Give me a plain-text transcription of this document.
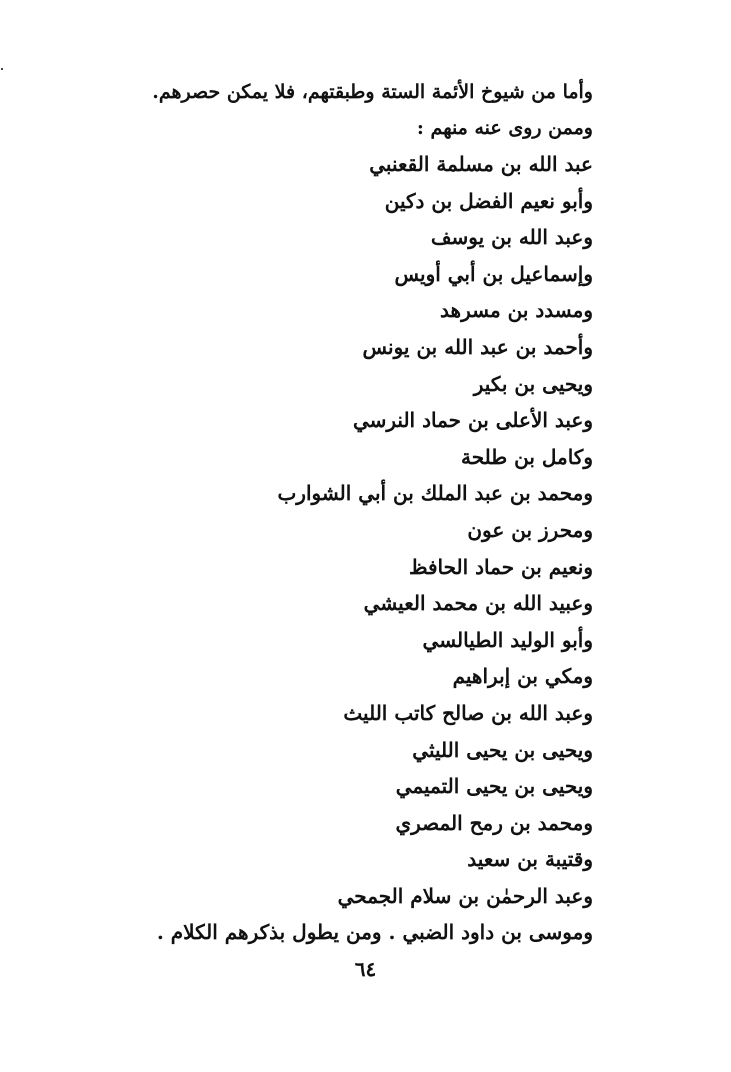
وأما من شيوخ الأئمة الستة وطبقتهم، فلا يمكن حصرهم.
وممن روى عنه منهم :
عبد الله بن مسلمة القعنبي
وأبو نعيم الفضل بن دكين
وعبد الله بن يوسف
وإسماعيل بن أبي أويس
ومسدد بن مسرهد
وأحمد بن عبد الله بن يونس
ويحيى بن بكير
وعبد الأعلى بن حماد النرسي
وكامل بن طلحة
ومحمد بن عبد الملك بن أبي الشوارب
ومحرز بن عون
ونعيم بن حماد الحافظ
وعبيد الله بن محمد العيشي
وأبو الوليد الطيالسي
ومكي بن إبراهيم
وعبد الله بن صالح كاتب الليث
ويحيى بن يحيى الليثي
ويحيى بن يحيى التميمي
ومحمد بن رمح المصري
وقتيبة بن سعيد
وعبد الرحمٰن بن سلام الجمحي
وموسى بن داود الضبي . ومن يطول بذكرهم الكلام .
٦٤
